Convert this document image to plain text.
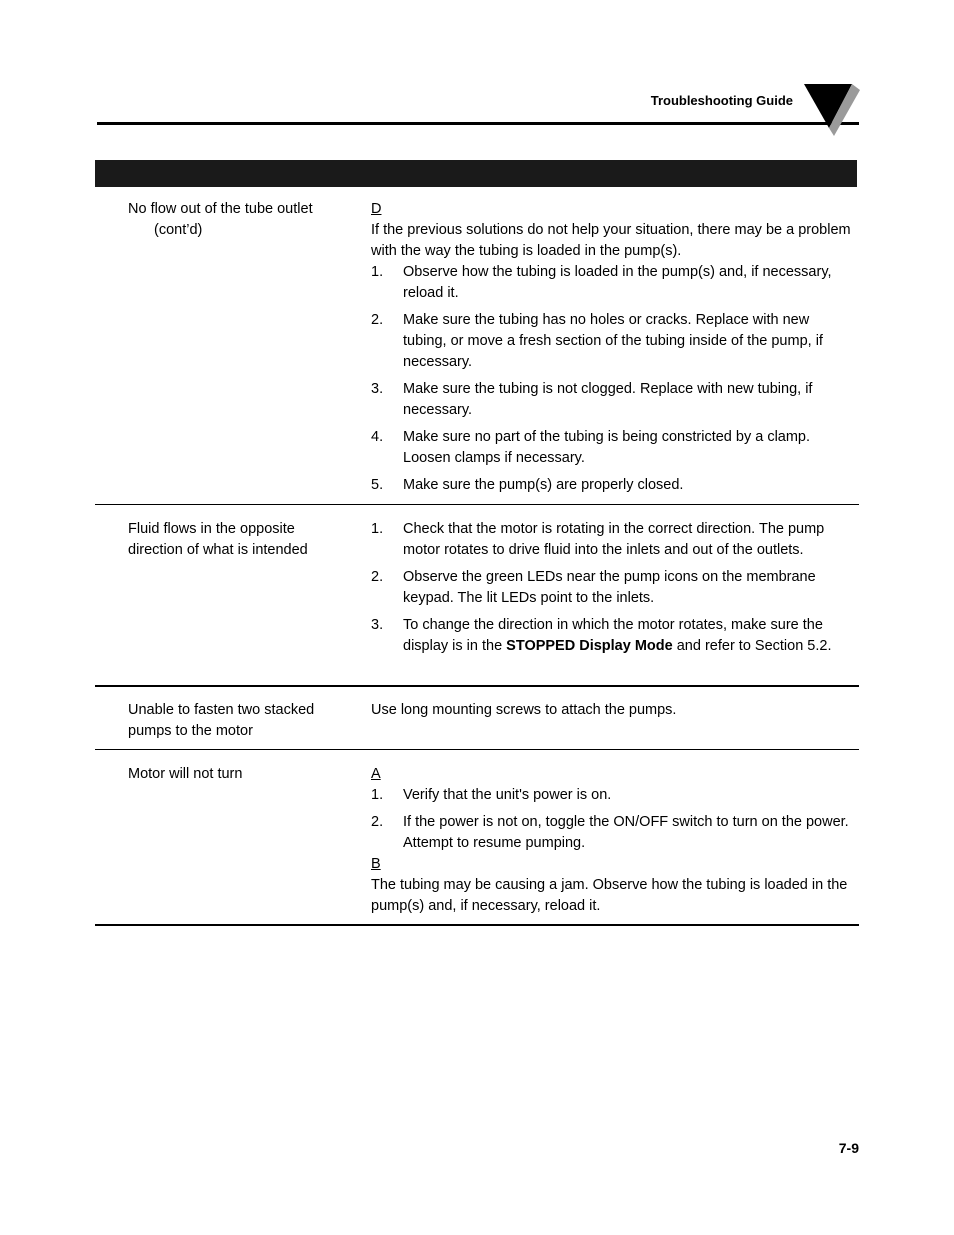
Troubleshooting Guide
No flow out of the tube outlet
(cont’d)
D
If the previous solutions do not help your situation, there may be a problem with the way the tubing is loaded in the pump(s).
1. Observe how the tubing is loaded in the pump(s) and, if necessary, reload it.
2. Make sure the tubing has no holes or cracks. Replace with new tubing, or move a fresh section of the tubing inside of the pump, if necessary.
3. Make sure the tubing is not clogged. Replace with new tubing, if necessary.
4. Make sure no part of the tubing is being constricted by a clamp. Loosen clamps if necessary.
5. Make sure the pump(s) are properly closed.
Fluid flows in the opposite direction of what is intended
1. Check that the motor is rotating in the correct direction. The pump motor rotates to drive fluid into the inlets and out of the outlets.
2. Observe the green LEDs near the pump icons on the membrane keypad. The lit LEDs point to the inlets.
3. To change the direction in which the motor rotates, make sure the display is in the STOPPED Display Mode and refer to Section 5.2.
Unable to fasten two stacked pumps to the motor
Use long mounting screws to attach the pumps.
Motor will not turn	A
1. Verify that the unit's power is on.
2. If the power is not on, toggle the ON/OFF switch to turn on the power. Attempt to resume pumping.
B
The tubing may be causing a jam. Observe how the tubing is loaded in the pump(s) and, if necessary, reload it.
7-9
